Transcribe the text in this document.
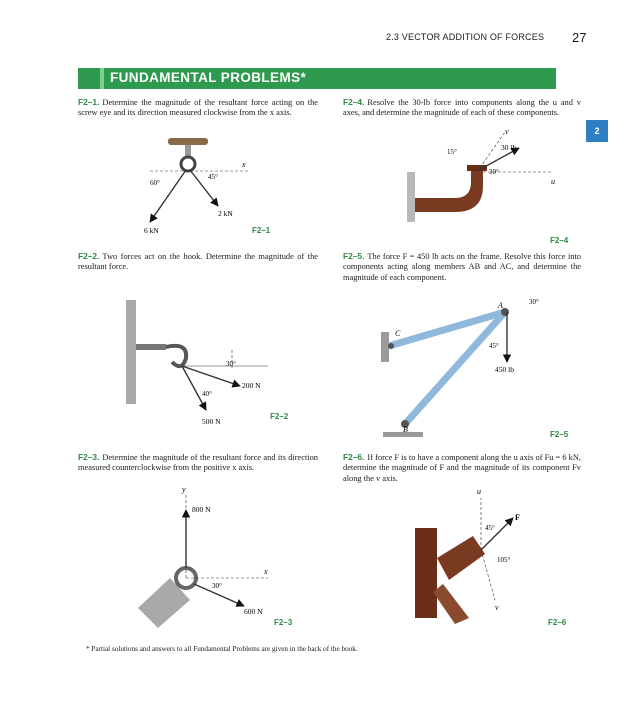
2.3 VECTOR ADDITION OF FORCES 27
FUNDAMENTAL PROBLEMS*
2
F2–1. Determine the magnitude of the resultant force acting on the screw eye and its direction measured clockwise from the x axis.
F2–4. Resolve the 30-lb force into components along the u and v axes, and determine the magnitude of each of these components.
F2–2. Two forces act on the hook. Determine the magnitude of the resultant force.
F2–5. The force F = 450 lb acts on the frame. Resolve this force into components acting along members AB and AC, and determine the magnitude of each component.
F2–3. Determine the magnitude of the resultant force and its direction measured counterclockwise from the positive x axis.
F2–6. If force F is to have a component along the u axis of Fu = 6 kN, determine the magnitude of F and the magnitude of its component Fv along the v axis.
x
60°
45°
2 kN
6 kN	F2–1
v
u
15°
30°
30 lb
F2–4
30°
40°
200 N
500 N
F2–2
A
C
B
30°
45°
450 lb
F2–5
y
x
800 N
30°
600 N
F2–3
u
v
F
45°
105°
F2–6
* Partial solutions and answers to all Fundamental Problems are given in the back of the book.
